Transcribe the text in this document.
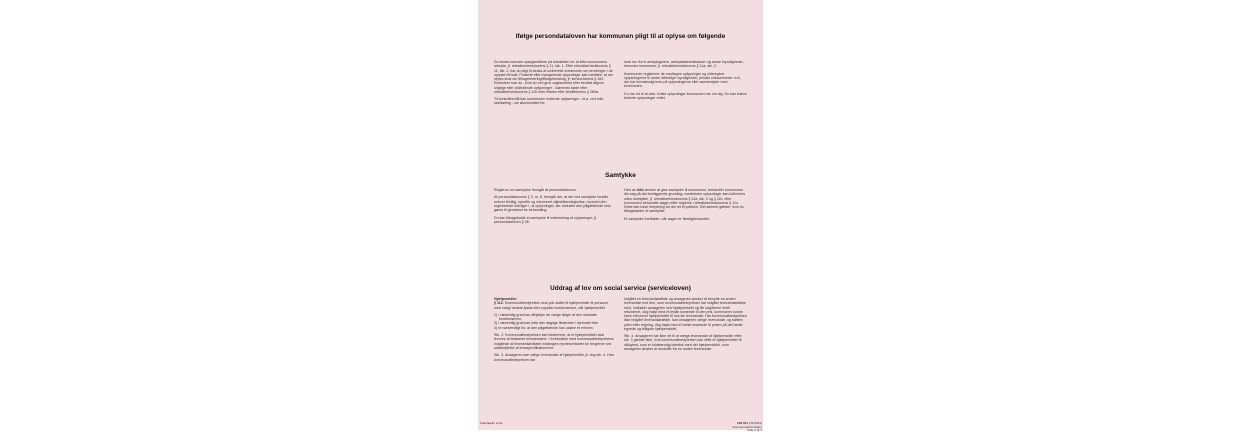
Ifølge persondataloven har kommunen pligt til at oplyse om følgende

Du bedes besvare spørgsmålene på blanketten for at lette kommunens arbejde, jf. retssikkerhedslovens § 11, stk. 1. Efter retssikkerhedslovens § 11, stk. 2, har du pligt til straks at underrette kommunen om ændringer i de oplyste forhold. Forkerte eller mangelende oplysninger kan medføre, at der rejses krav om tilbagelevering/tilbagebetaling, jf. servicelovens § 164. Endvidere kan du - hvis du ved grov uagtsomhed eller bevidst afgiver urigtige eller vildledende oplysninger - idømmes bøde efter retssikkerhedslovens § 12b eller tiltales efter straffelovens § 289a.

Til kontrolformål kan kommunen indhente oplysninger - bl.a. ved edb-samkøring - om økonomiske for-

hold mv. fra fx arbejdsgivere, arbejdsløshedskasser og andre myndigheder, herunder kommuner, jf. retssikkerhedslovens § 11a, stk. 2.

Kommunen registrerer de modtagne oplysninger og videregiver oplysningerne til andre offentlige myndigheder, private virksomheder m.fl., der har lovmæssigt krav på oplysningerne eller samarbejder med kommunen.

Du har ret til at vide, hvilke oplysninger kommunen har om dig. Du kan kræve forkerte oplysninger rettet.

Samtykke

Reglerne om samtykke fremgår af persondataloven.

Af persondatalovens § 3, nr. 8, fremgår det, at der ved samtykke forstås enhver frivillig, specifik og informeret viljestilkendegivelse, hvorved den registrerede indvilger i, at oplysninger, der vedrører den pågældende selv, gøres til genstand for behandling.

Du kan tilbagekalde et samtykke til indhentning af oplysninger, jf. persondataloven § 38.

Hvis du ikke ønsker at give samtykke til kommunen, behandler kommunen din sag på det foreliggende grundlag, medmindre oplysninger kan indhentes uden samtykke, jf. retssikkerhedslovens § 11a, stk. 2 og § 11b, eller kommunen behandler sagen efter reglerne i retssikkerhedslovens § 11c. Dette kan have betydning for din ret til ydelsen. Det samme gælder, hvis du tilbagekalder et samtykke.

Et samtykke bortfalder, når sagen er færdigbehandlet.

Uddrag af lov om social service (serviceloven)
Hjælpemidler

§ 112. Kommunalbestyrelsen skal yde støtte til hjælpemidler til personer med varigt nedsat fysisk eller psykisk funktionsevne, når hjælpemidlet

1) i væsentlig grad kan afhjælpe de varige følger af den nedsatte funktionsevne,
2) i væsentlig grad kan lette den daglige tilværelse i hjemmet eller

3) er nødvendigt for, at den pågældende kan udøve et erhverv.

Stk. 2. Kommunalbestyrelsen kan bestemme, at et hjælpemiddel skal leveres af bestemte leverandører. I forbindelse med kommunalbestyrelsens indgåelse af leverandøraftaler inddrages repræsentanter for brugerne ved udarbejdelse af kravspecifikationerne.

Stk. 3. Ansøgeren kan vælge leverandør af hjælpemidler, jf. dog stk. 4. Hvis kommunalbestyrelsen har

indgået en leverandøraftale og ansøgeren ønsker at benytte en anden leverandør end den, som kommunalbestyrelsen har indgået leverandøraftale med, indkøber ansøgeren selv hjælpemidlet og får udgifterne hertil refunderet, dog højst med et beløb svarende til den pris, kommunen kunne have erhvervet hjælpemidlet til hos sin leverandør. Har kommunalbestyrelsen ikke indgået leverandøraftale, kan ansøgeren vælge leverandør, og støtten ydes efter regning, dog højst med et beløb svarende til prisen på det bedst egnede og billigste hjælpemiddel.

Stk. 4. Ansøgeren har ikke ret til at vælge leverandør af hjælpemidler efter stk. 3 gælder ikke, hvis kommunalbestyrelsen kan stille et hjælpemiddel til rådighed, som er fuldstændig identisk med det hjælpemiddel, som ansøgeren ønsker at anskaffe fra en anden leverandør.

bdeshjælm af 4L	HM 001 (01/2011)
Kommuneinformation
Side 2 af 3
